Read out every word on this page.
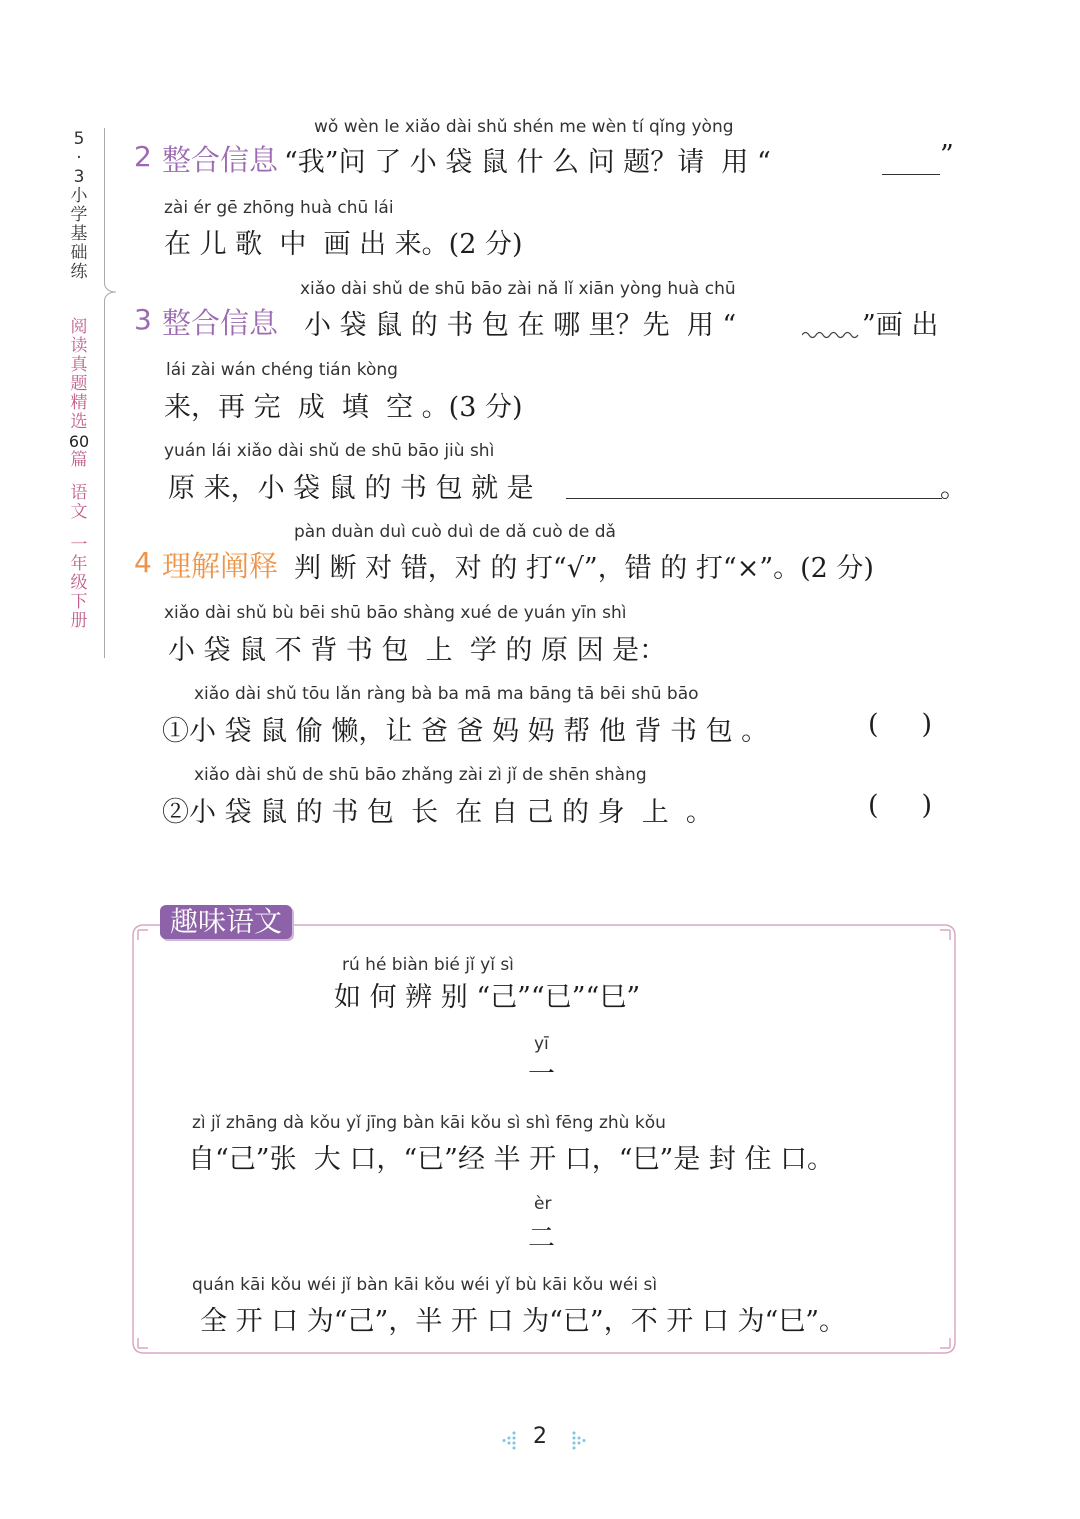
5
·
3
小
学
基
础
练
阅
读
真
题
精
选
60
篇
语
文
一
年
级
下
册
wǒ wèn le xiǎo dài shǔ shén me wèn tí qǐng yòng
2 整合信息 “我”问 了 小 袋 鼠 什 么 问 题？请  用 “	”
zài ér gē zhōng huà chū lái
在 儿 歌  中  画 出 来。(2 分)
xiǎo dài shǔ de shū bāo zài nǎ lǐ xiān yòng huà chū
3 整合信息 小 袋 鼠 的 书 包 在 哪 里？先  用 “	”画 出
lái zài wán chéng tián kòng
来，再 完  成  填  空 。(3 分)
yuán lái xiǎo dài shǔ de shū bāo jiù shì
原 来，小 袋 鼠 的 书 包 就 是	。
pàn duàn duì cuò duì de dǎ cuò de dǎ
4 理解阐释 判 断 对 错，对 的 打“√”，错 的 打“×”。(2 分)
xiǎo dài shǔ bù bēi shū bāo shàng xué de yuán yīn shì
小 袋 鼠 不 背 书 包  上  学 的 原 因 是：
xiǎo dài shǔ tōu lǎn ràng bà ba mā ma bāng tā bēi shū bāo
①小 袋 鼠 偷 懒，让 爸 爸 妈 妈 帮 他 背 书 包 。	(     )
xiǎo dài shǔ de shū bāo zhǎng zài zì jǐ de shēn shàng
②小 袋 鼠 的 书 包  长  在 自 己 的 身  上  。	(     )
趣味语文
rú hé biàn bié jǐ yǐ sì
如 何 辨 别 “己”“已”“巳”
yī
一
zì jǐ zhāng dà kǒu yǐ jīng bàn kāi kǒu sì shì fēng zhù kǒu
自“己”张  大 口，“已”经 半 开 口，“巳”是 封 住 口。
èr
二
quán kāi kǒu wéi jǐ bàn kāi kǒu wéi yǐ bù kāi kǒu wéi sì
全 开 口 为“己”，半 开 口 为“已”，不 开 口 为“巳”。
2
